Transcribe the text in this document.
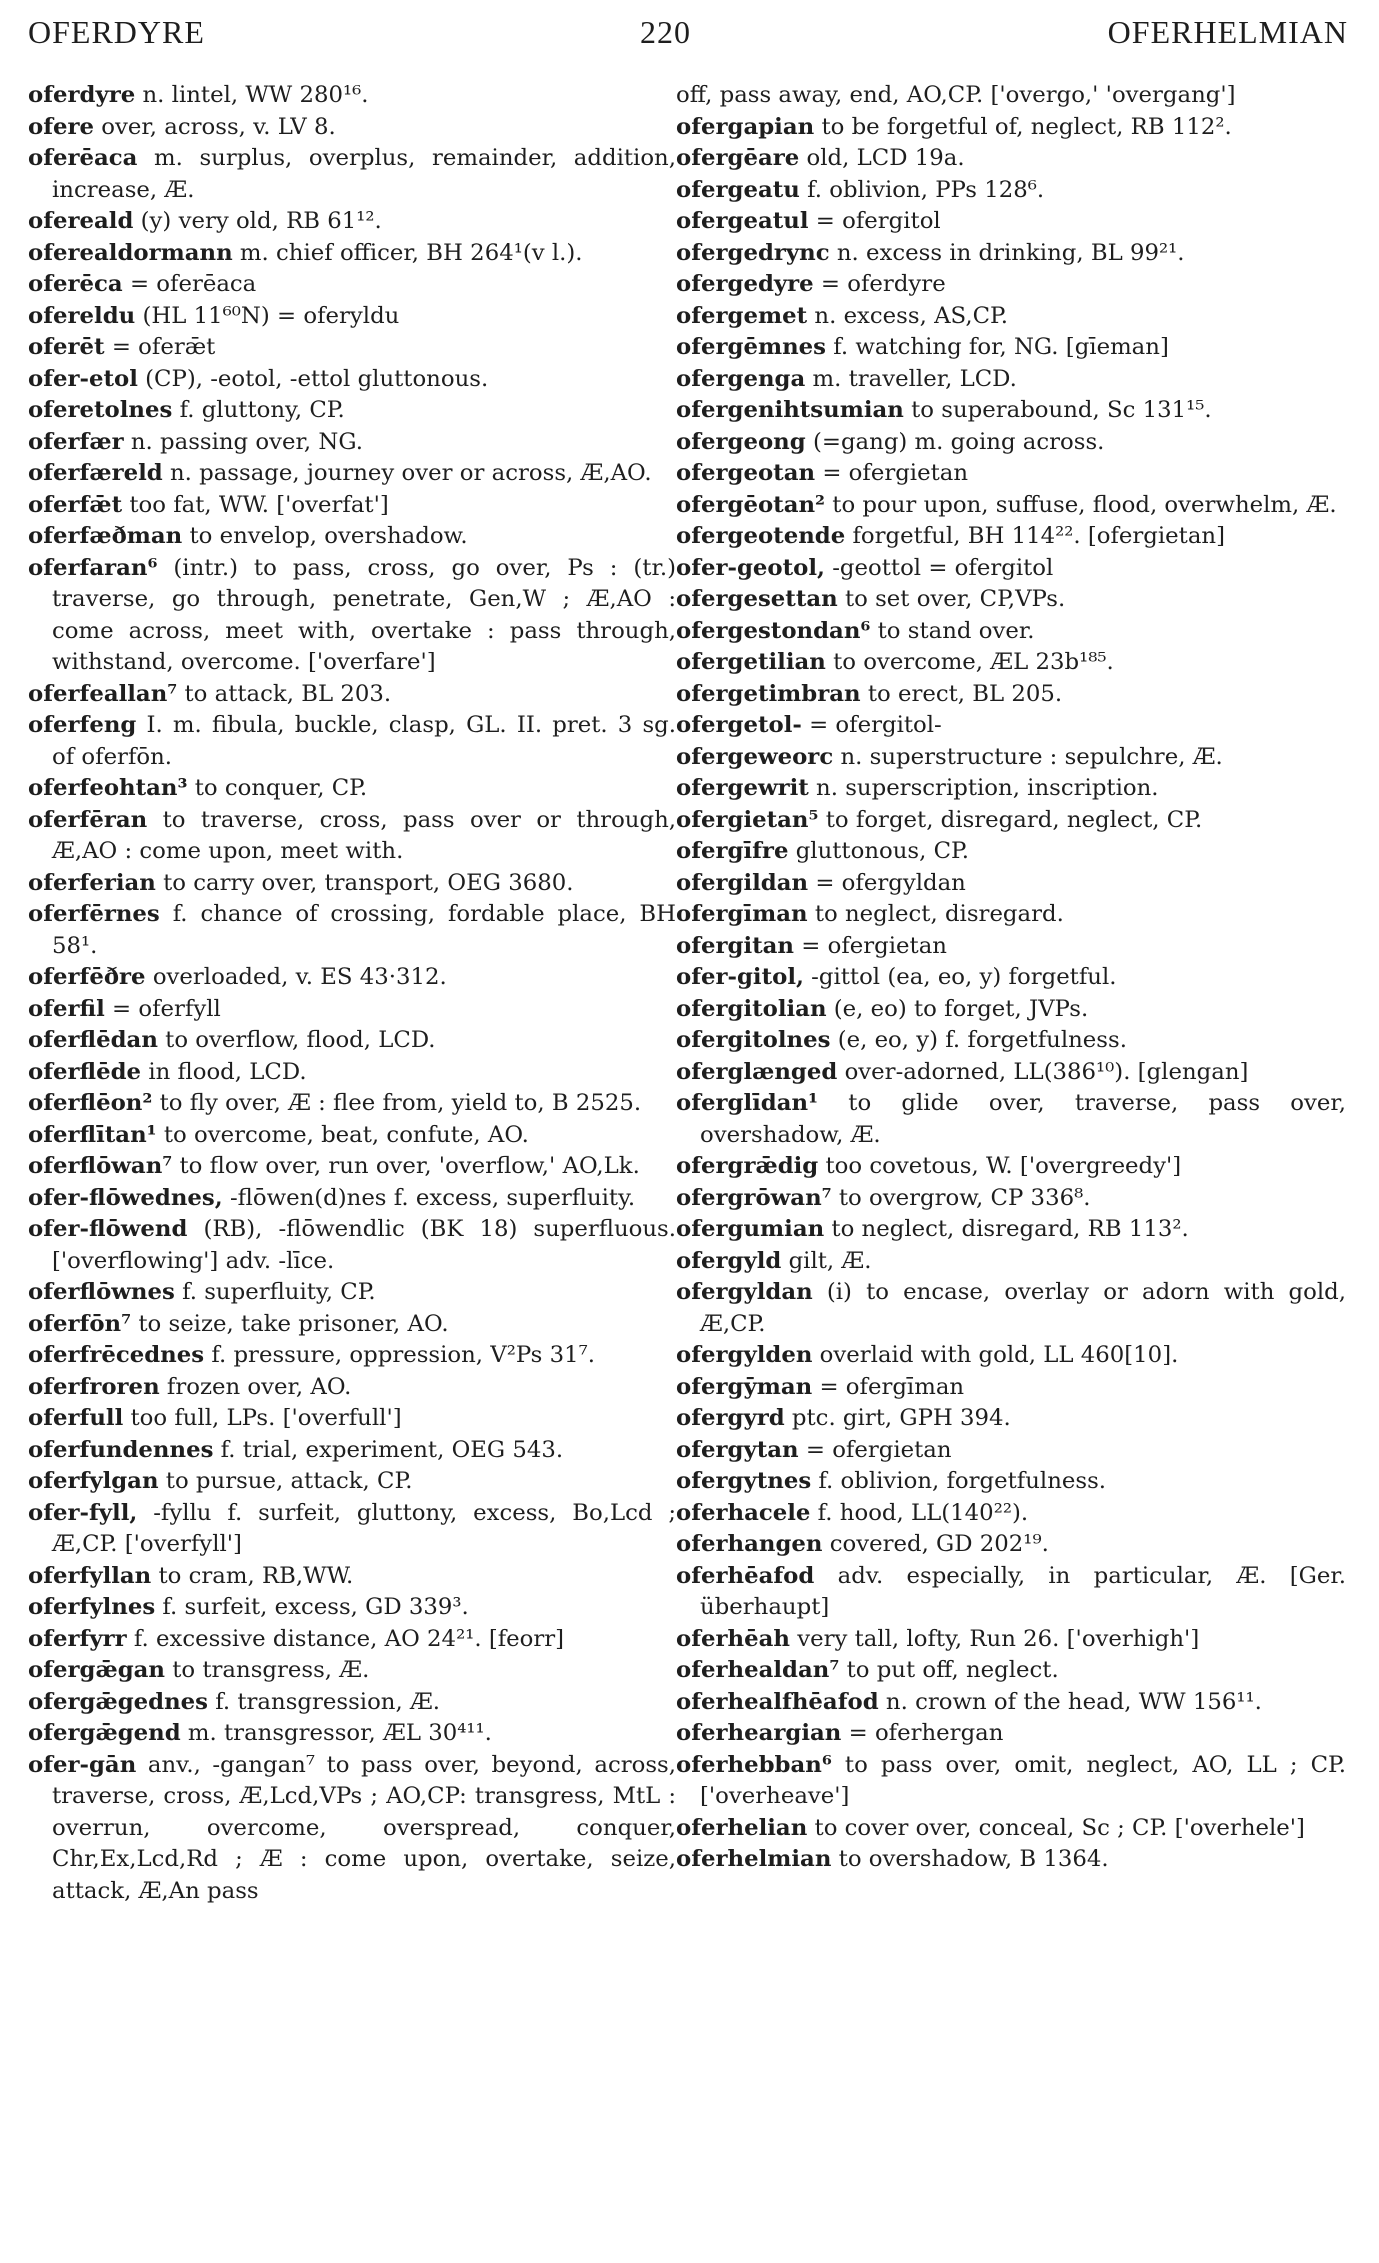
OFERDYRE	220	OFERHELMIAN
oferdyre n. lintel, WW 280¹⁶.
ofere over, across, v. LV 8.
oferēaca m. surplus, overplus, remainder, addition, increase, Æ.
ofereald (y) very old, RB 61¹².
oferealdormann m. chief officer, BH 264¹(v l.).
oferēca = oferēaca
ofereldu (HL 11⁶⁰N) = oferyldu
oferēt = oferǣt
ofer-etol (CP), -eotol, -ettol gluttonous.
oferetolnes f. gluttony, CP.
oferfær n. passing over, NG.
oferfæreld n. passage, journey over or across, Æ,AO.
oferfǣt too fat, WW. ['overfat']
oferfæðman to envelop, overshadow.
oferfaran⁶ (intr.) to pass, cross, go over, Ps : (tr.) traverse, go through, penetrate, Gen,W ; Æ,AO : come across, meet with, overtake : pass through, withstand, overcome. ['overfare']
oferfeallan⁷ to attack, BL 203.
oferfeng I. m. fibula, buckle, clasp, GL. II. pret. 3 sg. of oferfōn.
oferfeohtan³ to conquer, CP.
oferfēran to traverse, cross, pass over or through, Æ,AO : come upon, meet with.
oferferian to carry over, transport, OEG 3680.
oferfērnes f. chance of crossing, fordable place, BH 58¹.
oferfēðre overloaded, v. ES 43·312.
oferfil = oferfyll
oferflēdan to overflow, flood, LCD.
oferflēde in flood, LCD.
oferflēon² to fly over, Æ : flee from, yield to, B 2525.
oferflītan¹ to overcome, beat, confute, AO.
oferflōwan⁷ to flow over, run over, 'overflow,' AO,Lk.
ofer-flōwednes, -flōwen(d)nes f. excess, superfluity.
ofer-flōwend (RB), -flōwendlic (BK 18) superfluous. ['overflowing'] adv. -līce.
oferflōwnes f. superfluity, CP.
oferfōn⁷ to seize, take prisoner, AO.
oferfrēcednes f. pressure, oppression, V²Ps 31⁷.
oferfroren frozen over, AO.
oferfull too full, LPs. ['overfull']
oferfundennes f. trial, experiment, OEG 543.
oferfylgan to pursue, attack, CP.
ofer-fyll, -fyllu f. surfeit, gluttony, excess, Bo,Lcd ; Æ,CP. ['overfyll']
oferfyllan to cram, RB,WW.
oferfylnes f. surfeit, excess, GD 339³.
oferfyrr f. excessive distance, AO 24²¹. [feorr]
ofergǣgan to transgress, Æ.
ofergǣgednes f. transgression, Æ.
ofergǣgend m. transgressor, ÆL 30⁴¹¹.
ofer-gān anv., -gangan⁷ to pass over, beyond, across, traverse, cross, Æ,Lcd,VPs ; AO,CP: transgress, MtL : overrun, overcome, overspread, conquer, Chr,Ex,Lcd,Rd ; Æ : come upon, overtake, seize, attack, Æ,An pass
off, pass away, end, AO,CP. ['overgo,' 'overgang']
ofergapian to be forgetful of, neglect, RB 112².
ofergēare old, LCD 19a.
ofergeatu f. oblivion, PPs 128⁶.
ofergeatul = ofergitol
ofergedrync n. excess in drinking, BL 99²¹.
ofergedyre = oferdyre
ofergemet n. excess, AS,CP.
ofergēmnes f. watching for, NG. [gīeman]
ofergenga m. traveller, LCD.
ofergenihtsumian to superabound, Sc 131¹⁵.
ofergeong (=gang) m. going across.
ofergeotan = ofergietan
ofergēotan² to pour upon, suffuse, flood, overwhelm, Æ.
ofergeotende forgetful, BH 114²². [ofergietan]
ofer-geotol, -geottol = ofergitol
ofergesettan to set over, CP,VPs.
ofergestondan⁶ to stand over.
ofergetilian to overcome, ÆL 23b¹⁸⁵.
ofergetimbran to erect, BL 205.
ofergetol- = ofergitol-
ofergeweorc n. superstructure : sepulchre, Æ.
ofergewrit n. superscription, inscription.
ofergietan⁵ to forget, disregard, neglect, CP.
ofergīfre gluttonous, CP.
ofergildan = ofergyldan
ofergīman to neglect, disregard.
ofergitan = ofergietan
ofer-gitol, -gittol (ea, eo, y) forgetful.
ofergitolian (e, eo) to forget, JVPs.
ofergitolnes (e, eo, y) f. forgetfulness.
oferglænged over-adorned, LL(386¹⁰). [glengan]
oferglīdan¹ to glide over, traverse, pass over, overshadow, Æ.
ofergrǣdig too covetous, W. ['overgreedy']
ofergrōwan⁷ to overgrow, CP 336⁸.
ofergumian to neglect, disregard, RB 113².
ofergyld gilt, Æ.
ofergyldan (i) to encase, overlay or adorn with gold, Æ,CP.
ofergylden overlaid with gold, LL 460[10].
ofergȳman = ofergīman
ofergyrd ptc. girt, GPH 394.
ofergytan = ofergietan
ofergytnes f. oblivion, forgetfulness.
oferhacele f. hood, LL(140²²).
oferhangen covered, GD 202¹⁹.
oferhēafod adv. especially, in particular, Æ. [Ger. überhaupt]
oferhēah very tall, lofty, Run 26. ['overhigh']
oferhealdan⁷ to put off, neglect.
oferhealfhēafod n. crown of the head, WW 156¹¹.
oferheargian = oferhergan
oferhebban⁶ to pass over, omit, neglect, AO, LL ; CP. ['overheave']
oferhelian to cover over, conceal, Sc ; CP. ['overhele']
oferhelmian to overshadow, B 1364.
